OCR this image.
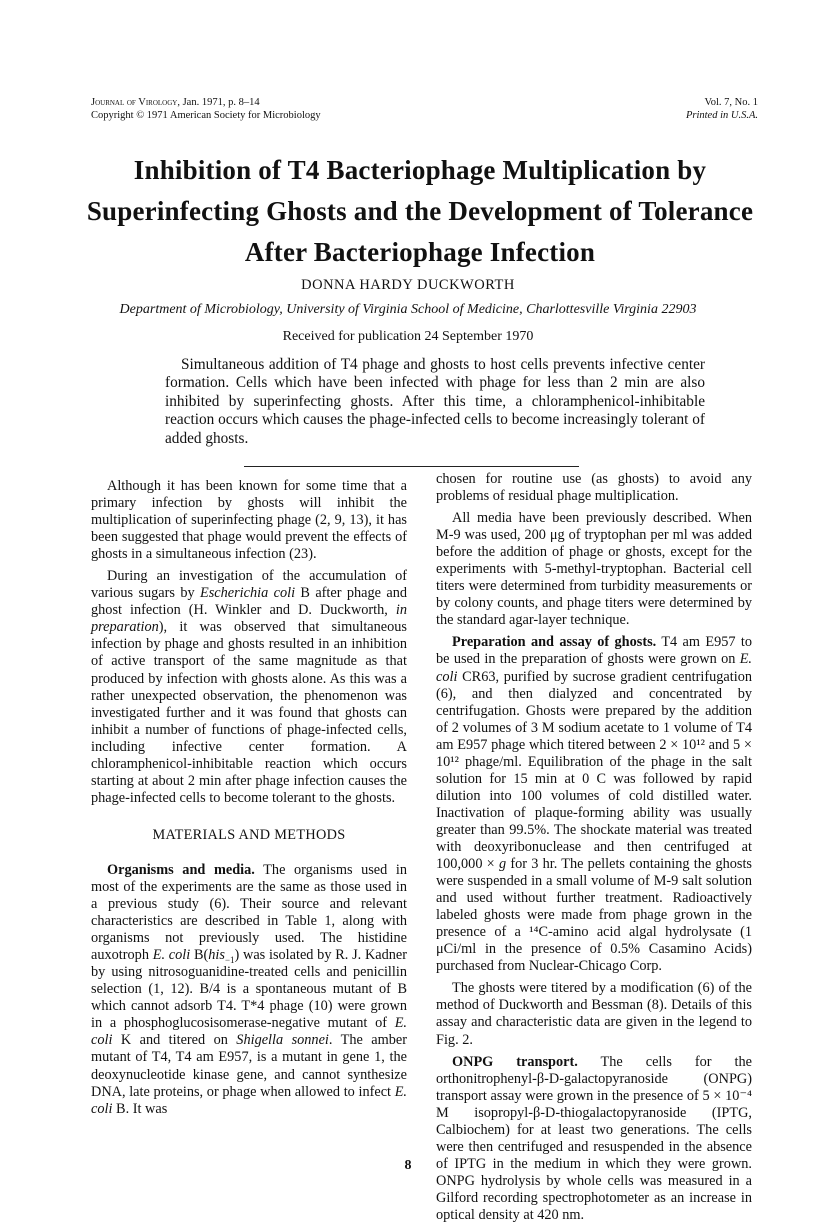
Journal of Virology, Jan. 1971, p. 8–14
Copyright © 1971 American Society for Microbiology
Vol. 7, No. 1
Printed in U.S.A.
Inhibition of T4 Bacteriophage Multiplication by Superinfecting Ghosts and the Development of Tolerance After Bacteriophage Infection
DONNA HARDY DUCKWORTH
Department of Microbiology, University of Virginia School of Medicine, Charlottesville Virginia 22903
Received for publication 24 September 1970
Simultaneous addition of T4 phage and ghosts to host cells prevents infective center formation. Cells which have been infected with phage for less than 2 min are also inhibited by superinfecting ghosts. After this time, a chloramphenicol-inhibitable reaction occurs which causes the phage-infected cells to become increasingly tolerant of added ghosts.

Although it has been known for some time that a primary infection by ghosts will inhibit the multiplication of superinfecting phage (2, 9, 13), it has been suggested that phage would prevent the effects of ghosts in a simultaneous infection (23).

During an investigation of the accumulation of various sugars by Escherichia coli B after phage and ghost infection (H. Winkler and D. Duckworth, in preparation), it was observed that simultaneous infection by phage and ghosts resulted in an inhibition of active transport of the same magnitude as that produced by infection with ghosts alone. As this was a rather unexpected observation, the phenomenon was investigated further and it was found that ghosts can inhibit a number of functions of phage-infected cells, including infective center formation. A chloramphenicol-inhibitable reaction which occurs starting at about 2 min after phage infection causes the phage-infected cells to become tolerant to the ghosts.

MATERIALS AND METHODS

Organisms and media. The organisms used in most of the experiments are the same as those used in a previous study (6). Their source and relevant characteristics are described in Table 1, along with organisms not previously used. The histidine auxotroph E. coli B(his$_{-1}$) was isolated by R. J. Kadner by using nitrosoguanidine-treated cells and penicillin selection (1, 12). B/4 is a spontaneous mutant of B which cannot adsorb T4. T*4 phage (10) were grown in a phosphoglucosisomerase-negative mutant of E. coli K and titered on Shigella sonnei. The amber mutant of T4, T4 am E957, is a mutant in gene 1, the deoxynucleotide kinase gene, and cannot synthesize DNA, late proteins, or phage when allowed to infect E. coli B. It was

chosen for routine use (as ghosts) to avoid any problems of residual phage multiplication.

All media have been previously described. When M-9 was used, 200 μg of tryptophan per ml was added before the addition of phage or ghosts, except for the experiments with 5-methyl-tryptophan. Bacterial cell titers were determined from turbidity measurements or by colony counts, and phage titers were determined by the standard agar-layer technique.

Preparation and assay of ghosts. T4 am E957 to be used in the preparation of ghosts were grown on E. coli CR63, purified by sucrose gradient centrifugation (6), and then dialyzed and concentrated by centrifugation. Ghosts were prepared by the addition of 2 volumes of 3 M sodium acetate to 1 volume of T4 am E957 phage which titered between 2 × 10¹² and 5 × 10¹² phage/ml. Equilibration of the phage in the salt solution for 15 min at 0 C was followed by rapid dilution into 100 volumes of cold distilled water. Inactivation of plaque-forming ability was usually greater than 99.5%. The shockate material was treated with deoxyribonuclease and then centrifuged at 100,000 × g for 3 hr. The pellets containing the ghosts were suspended in a small volume of M-9 salt solution and used without further treatment. Radioactively labeled ghosts were made from phage grown in the presence of a ¹⁴C-amino acid algal hydrolysate (1 μCi/ml in the presence of 0.5% Casamino Acids) purchased from Nuclear-Chicago Corp.

The ghosts were titered by a modification (6) of the method of Duckworth and Bessman (8). Details of this assay and characteristic data are given in the legend to Fig. 2.

ONPG transport. The cells for the orthonitrophenyl-β-D-galactopyranoside (ONPG) transport assay were grown in the presence of 5 × 10⁻⁴ M isopropyl-β-D-thiogalactopyranoside (IPTG, Calbiochem) for at least two generations. The cells were then centrifuged and resuspended in the absence of IPTG in the medium in which they were grown. ONPG hydrolysis by whole cells was measured in a Gilford recording spectrophotometer as an increase in optical density at 420 nm.

8
